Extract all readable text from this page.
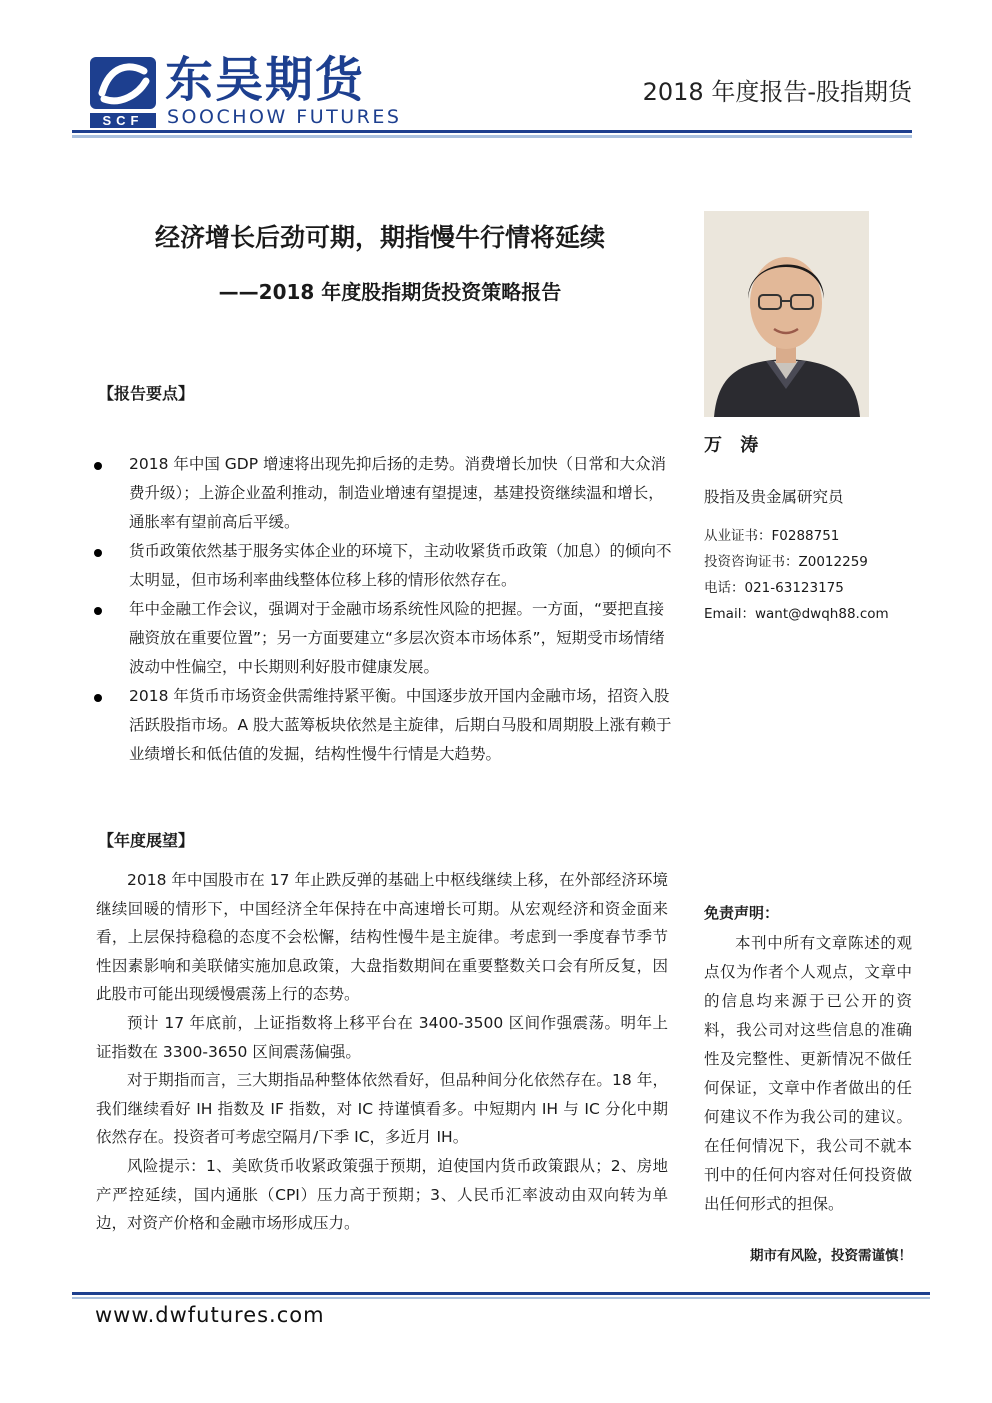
SCF
东吴期货
SOOCHOW FUTURES
2018 年度报告-股指期货
经济增长后劲可期，期指慢牛行情将延续
——2018 年度股指期货投资策略报告
【报告要点】
2018 年中国 GDP 增速将出现先抑后扬的走势。消费增长加快（日常和大众消费升级）；上游企业盈利推动，制造业增速有望提速，基建投资继续温和增长，通胀率有望前高后平缓。
货币政策依然基于服务实体企业的环境下，主动收紧货币政策（加息）的倾向不太明显，但市场利率曲线整体位移上移的情形依然存在。
年中金融工作会议，强调对于金融市场系统性风险的把握。一方面，“要把直接融资放在重要位置”；另一方面要建立“多层次资本市场体系”，短期受市场情绪波动中性偏空，中长期则利好股市健康发展。
2018 年货币市场资金供需维持紧平衡。中国逐步放开国内金融市场，招资入股活跃股指市场。A 股大蓝筹板块依然是主旋律，后期白马股和周期股上涨有赖于业绩增长和低估值的发掘，结构性慢牛行情是大趋势。
【年度展望】

2018 年中国股市在 17 年止跌反弹的基础上中枢线继续上移，在外部经济环境继续回暖的情形下，中国经济全年保持在中高速增长可期。从宏观经济和资金面来看，上层保持稳稳的态度不会松懈，结构性慢牛是主旋律。考虑到一季度春节季节性因素影响和美联储实施加息政策，大盘指数期间在重要整数关口会有所反复，因此股市可能出现缓慢震荡上行的态势。

预计 17 年底前，上证指数将上移平台在 3400-3500 区间作强震荡。明年上证指数在 3300-3650 区间震荡偏强。

对于期指而言，三大期指品种整体依然看好，但品种间分化依然存在。18 年，我们继续看好 IH 指数及 IF 指数，对 IC 持谨慎看多。中短期内 IH 与 IC 分化中期依然存在。投资者可考虑空隔月/下季 IC，多近月 IH。

风险提示：1、美欧货币收紧政策强于预期，迫使国内货币政策跟从；2、房地产严控延续，国内通胀（CPI）压力高于预期；3、人民币汇率波动由双向转为单边，对资产价格和金融市场形成压力。

万 涛
股指及贵金属研究员
从业证书：F0288751
投资咨询证书：Z0012259
电话：021-63123175
Email：want@dwqh88.com
免责声明：

本刊中所有文章陈述的观点仅为作者个人观点，文章中的信息均来源于已公开的资料，我公司对这些信息的准确性及完整性、更新情况不做任何保证，文章中作者做出的任何建议不作为我公司的建议。在任何情况下，我公司不就本刊中的任何内容对任何投资做出任何形式的担保。

期市有风险，投资需谨慎！
www.dwfutures.com
